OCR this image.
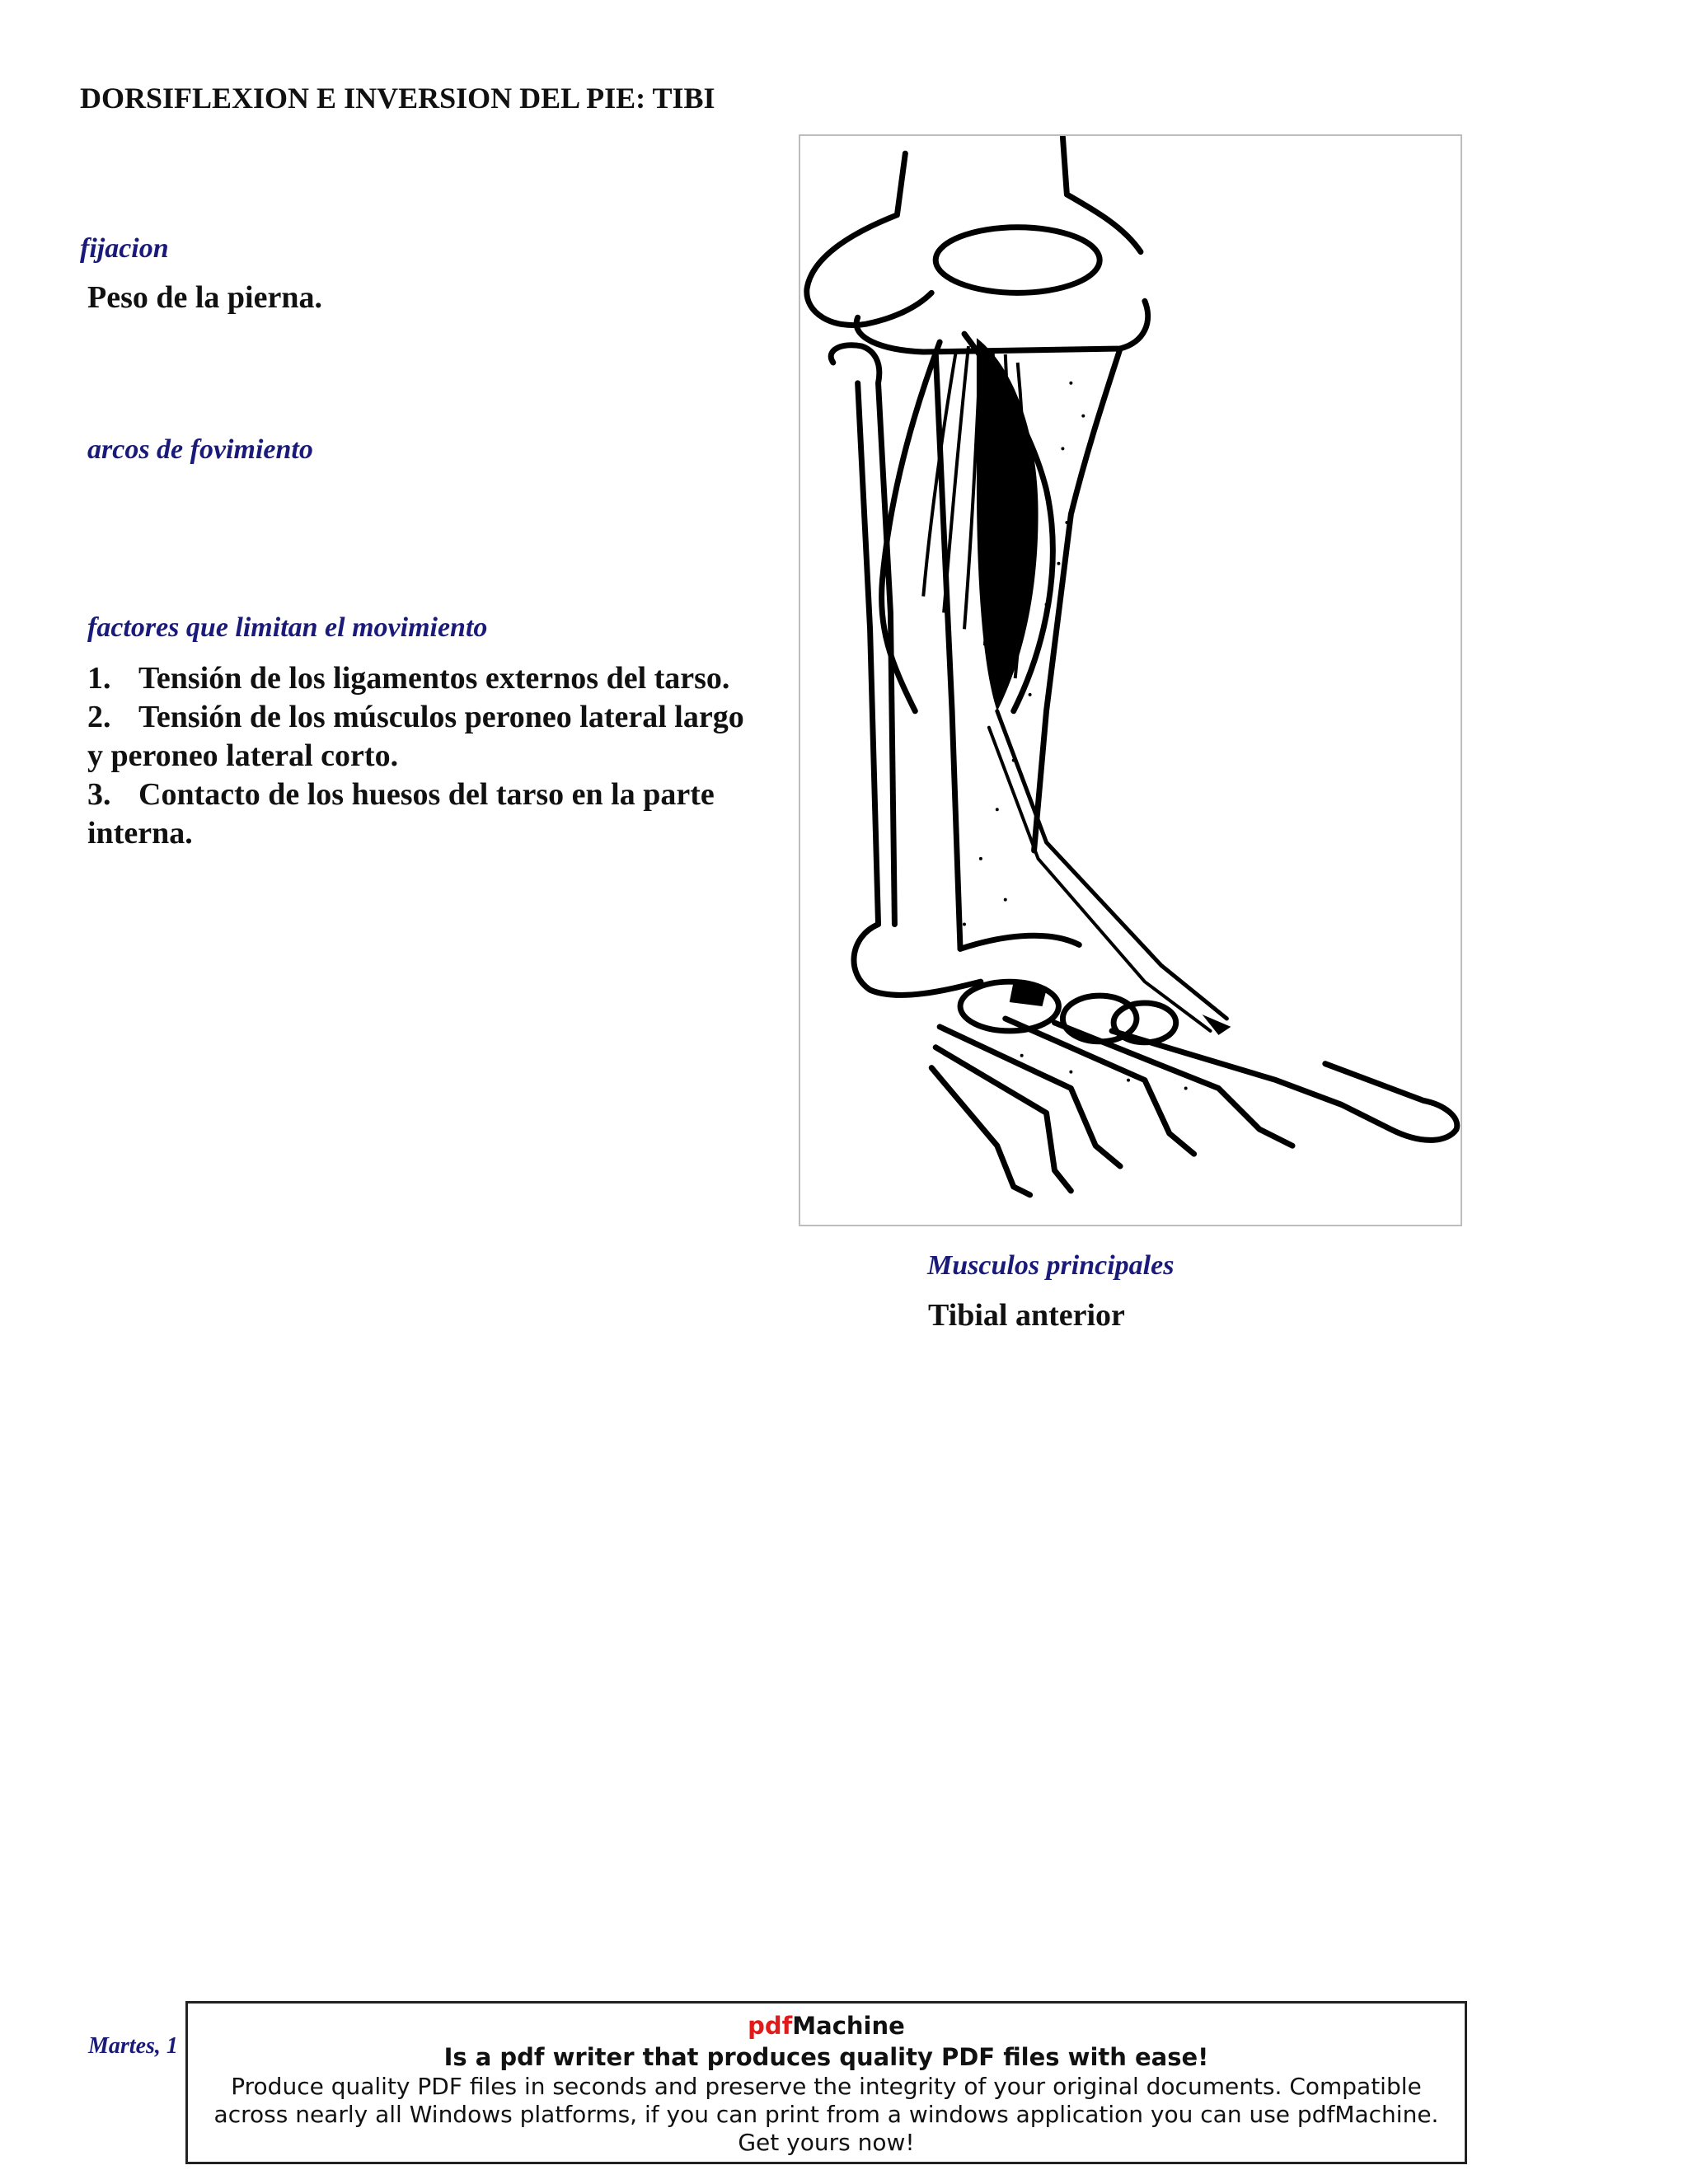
DORSIFLEXION E INVERSION DEL PIE: TIBI
fijacion
Peso de la pierna.
arcos de fovimiento
factores que limitan el movimiento
1. Tensión de los ligamentos externos del tarso.
2. Tensión de los músculos peroneo lateral largo y peroneo lateral corto.
3. Contacto de los huesos del tarso en la parte interna.
Musculos principales
Tibial anterior
Martes, 1
pdfMachine
Is a pdf writer that produces quality PDF files with ease!
Produce quality PDF files in seconds and preserve the integrity of your original documents. Compatible across nearly all Windows platforms, if you can print from a windows application you can use pdfMachine.
Get yours now!
